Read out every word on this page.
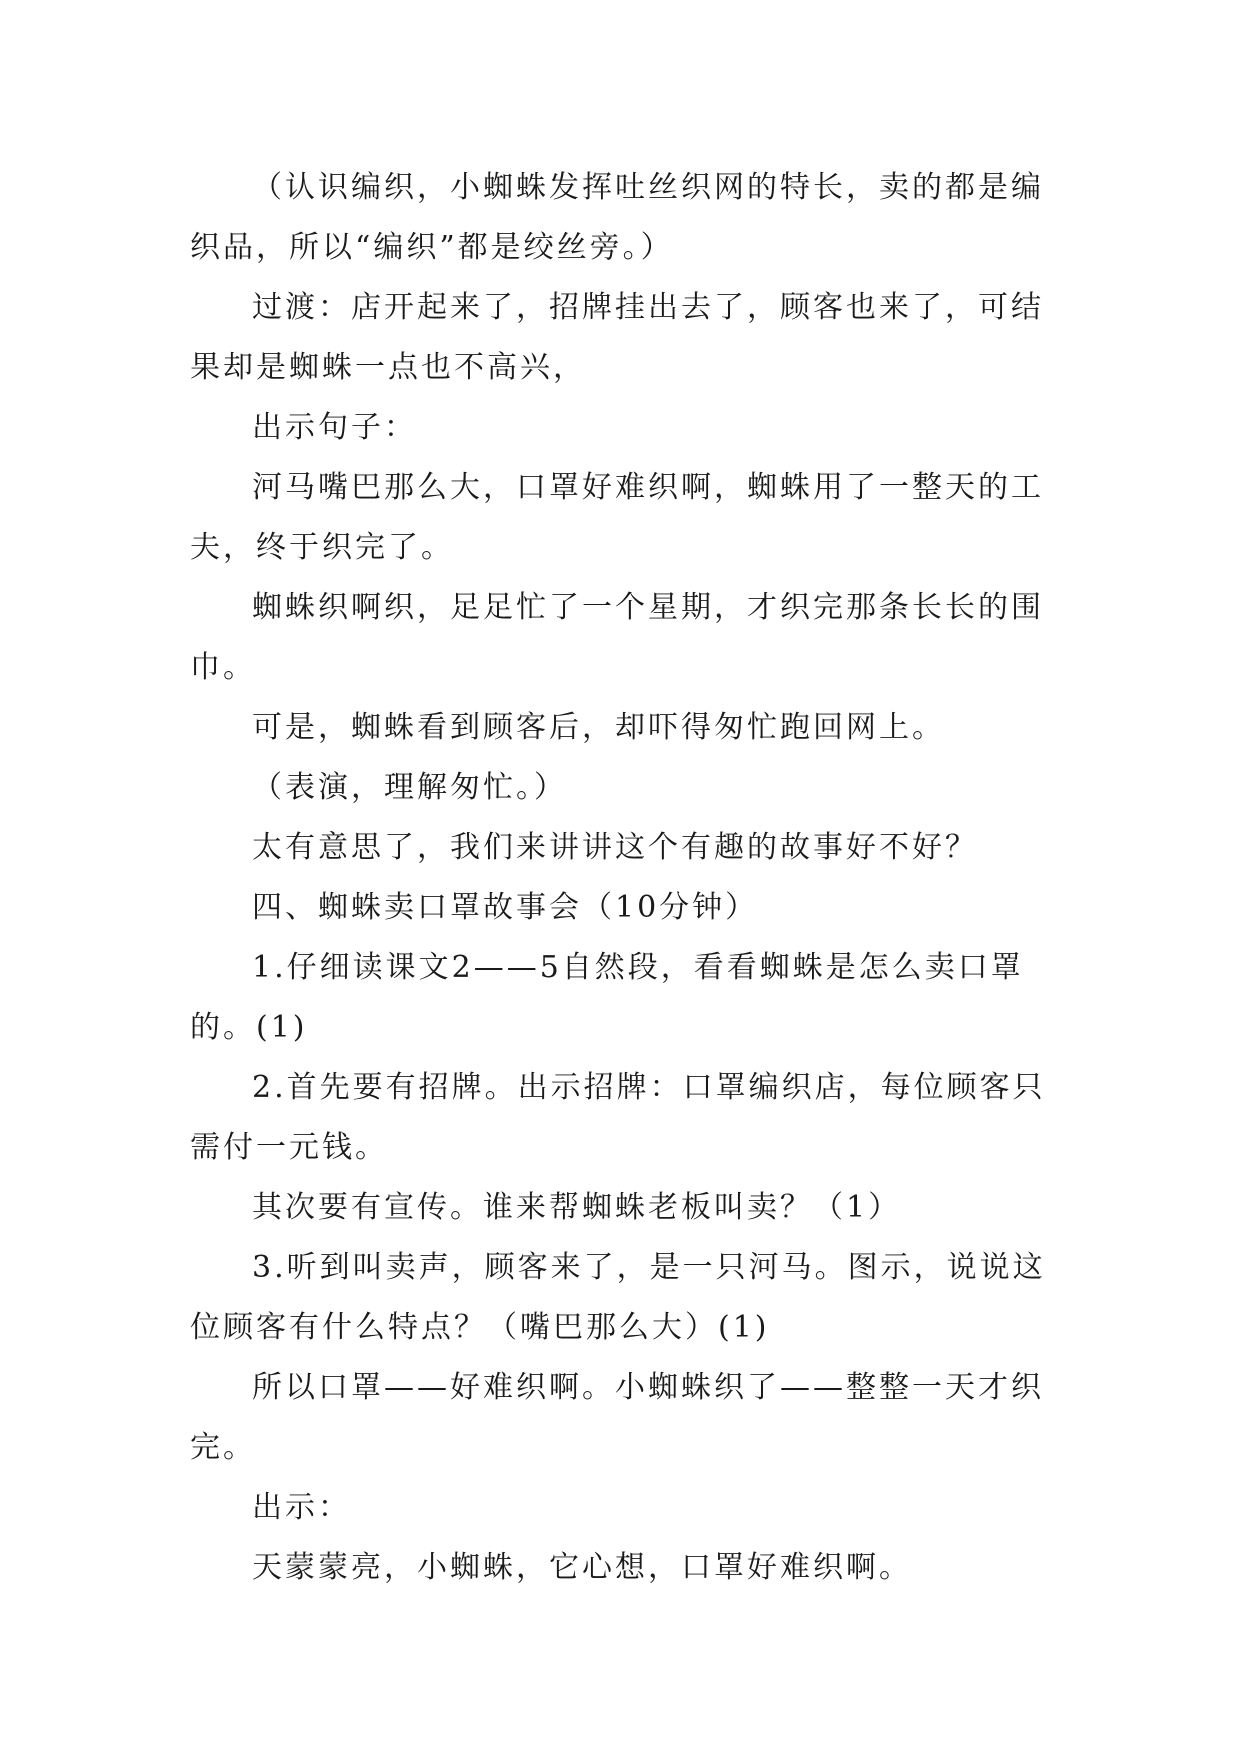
（认识编织，小蜘蛛发挥吐丝织网的特长，卖的都是编织品，所以“编织”都是绞丝旁。）

过渡：店开起来了，招牌挂出去了，顾客也来了，可结果却是蜘蛛一点也不高兴，

出示句子：

河马嘴巴那么大，口罩好难织啊，蜘蛛用了一整天的工夫，终于织完了。

蜘蛛织啊织，足足忙了一个星期，才织完那条长长的围巾。

可是，蜘蛛看到顾客后，却吓得匆忙跑回网上。

（表演，理解匆忙。）

太有意思了，我们来讲讲这个有趣的故事好不好？

四、蜘蛛卖口罩故事会（10分钟）

1.仔细读课文2——5自然段，看看蜘蛛是怎么卖口罩的。(1)

2.首先要有招牌。出示招牌：口罩编织店，每位顾客只需付一元钱。

其次要有宣传。谁来帮蜘蛛老板叫卖？（1）

3.听到叫卖声，顾客来了，是一只河马。图示，说说这位顾客有什么特点？（嘴巴那么大）(1)

所以口罩——好难织啊。小蜘蛛织了——整整一天才织完。

出示：

天蒙蒙亮，小蜘蛛，它心想，口罩好难织啊。
